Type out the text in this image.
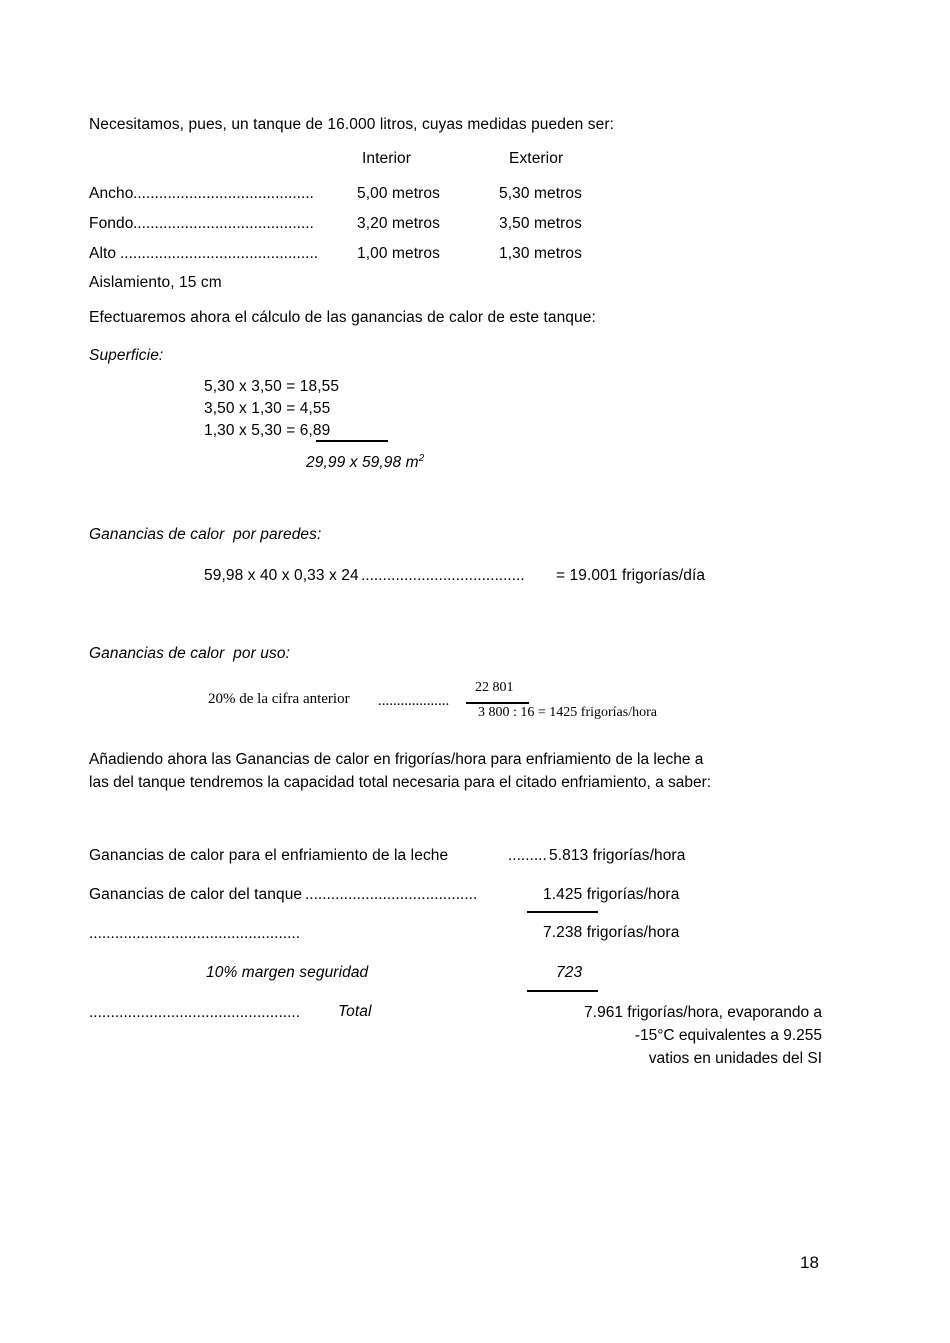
Necesitamos, pues, un tanque de 16.000 litros, cuyas medidas pueden ser:
Interior	Exterior
Ancho ..........................................	5,00 metros	5,30 metros
Fondo ..........................................	3,20 metros	3,50 metros
Alto ..............................................	1,00 metros	1,30 metros
Aislamiento, 15 cm
Efectuaremos ahora el cálculo de las ganancias de calor de este tanque:
Superficie:
5,30 x 3,50 = 18,55
3,50 x 1,30 = 4,55
1,30 x 5,30 = 6,89
29,99 x 59,98 $m^2$
Ganancias de calor  por paredes:
59,98 x 40 x 0,33 x 24 ...................................... = 19.001 frigorías/día
Ganancias de calor  por uso:
20% de la cifra anterior ...................
22 801
3 800 : 16 = 1425 frigorías/hora
Añadiendo ahora las Ganancias de calor en frigorías/hora para enfriamiento de la leche a
las del tanque tendremos la capacidad total necesaria para el citado enfriamiento, a saber:
Ganancias de calor para el enfriamiento de la leche	......... 5.813 frigorías/hora
Ganancias de calor del tanque ........................................	1.425 frigorías/hora
.................................................	7.238 frigorías/hora
10% margen seguridad	723
................................................. Total	7.961 frigorías/hora, evaporando a
-15°C equivalentes a 9.255
vatios en unidades del SI
18
